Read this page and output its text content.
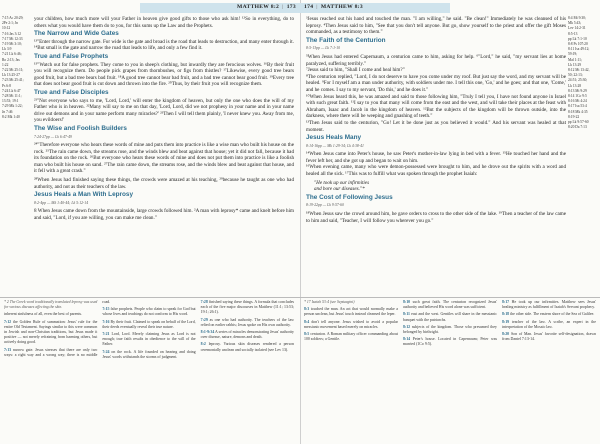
MATTHEW 8:2 | 173
7:15 Ac 20:29;
2Pe 2:1; Jn
10:12
7:16 Jas 3:12
7:17 Mt 12:33
7:19 Mt 3:10;
Lk 3:9
7:21 Lk 6:46;
Ro 2:13; Jas
1:22
7:22 Mt 25:11;
Lk 13:25-27
7:23 Mt 25:41;
Ps 6:8
7:24 Lk 6:47
7:28 Mt 11:1;
13:53; 19:1
7:29 Mk 1:22;
Jn 7:46
8:2 Mk 1:40

your children, how much more will your Father in heaven give good gifts to those who ask him! ¹²So in everything, do to others what you would have them do to you, for this sums up the Law and the Prophets.

The Narrow and Wide Gates

¹³"Enter through the narrow gate. For wide is the gate and broad is the road that leads to destruction, and many enter through it. ¹⁴But small is the gate and narrow the road that leads to life, and only a few find it.

True and False Prophets

¹⁵"Watch out for false prophets. They come to you in sheep's clothing, but inwardly they are ferocious wolves. ¹⁶By their fruit you will recognize them. Do people pick grapes from thornbushes, or figs from thistles? ¹⁷Likewise, every good tree bears good fruit, but a bad tree bears bad fruit. ¹⁸A good tree cannot bear bad fruit, and a bad tree cannot bear good fruit. ¹⁹Every tree that does not bear good fruit is cut down and thrown into the fire. ²⁰Thus, by their fruit you will recognize them.

True and False Disciples

²¹"Not everyone who says to me, 'Lord, Lord,' will enter the kingdom of heaven, but only the one who does the will of my Father who is in heaven. ²²Many will say to me on that day, 'Lord, Lord, did we not prophesy in your name and in your name drive out demons and in your name perform many miracles?' ²³Then I will tell them plainly, 'I never knew you. Away from me, you evildoers!'

The Wise and Foolish Builders
7:24-27pp — Lk 6:47-49

²⁴"Therefore everyone who hears these words of mine and puts them into practice is like a wise man who built his house on the rock. ²⁵The rain came down, the streams rose, and the winds blew and beat against that house; yet it did not fall, because it had its foundation on the rock. ²⁶But everyone who hears these words of mine and does not put them into practice is like a foolish man who built his house on sand. ²⁷The rain came down, the streams rose, and the winds blew and beat against that house, and it fell with a great crash."

²⁸When Jesus had finished saying these things, the crowds were amazed at his teaching, ²⁹because he taught as one who had authority, and not as their teachers of the law.

Jesus Heals a Man With Leprosy
8:2-4pp — Mk 1:40-44; Lk 5:12-14

8 When Jesus came down from the mountainside, large crowds followed him. ²A man with leprosy* came and knelt before him and said, "Lord, if you are willing, you can make me clean."

* 2 The Greek word traditionally translated leprosy was used for various diseases affecting the skin.
inherent sinfulness of all, even the best of parents.
7:12 the Golden Rule of summation: Jesus' rule for the entire Old Testament. Sayings similar to this were common in Jewish and non-Christian traditions, but Jesus made it positive — not merely refraining from harming others, but actively doing good.
7:13 narrow gate. Jesus stresses that there are only two ways: a right way and a wrong way; there is no middle road.
7:15 false prophets. People who claim to speak for God but whose lives and teachings do not conform to His word.
7:16 By their fruit. Claimed to speak on behalf of the Lord, their deeds eventually reveal their true nature.
7:21 Lord, Lord. Merely claiming Jesus as Lord is not enough; true faith results in obedience to the will of the Father.
7:24 on the rock. A life founded on hearing and doing Jesus' words withstands the storms of judgment.
7:28 finished saying these things. A formula that concludes each of the five major discourses in Matthew (11:1; 13:53; 19:1; 26:1).
7:29 as one who had authority. The teachers of the law relied on earlier rabbis; Jesus spoke on His own authority.
8:1-9:34 A series of miracles demonstrating Jesus' authority over disease, nature, demons and death.
8:2 leprosy. Various skin diseases rendered a person ceremonially unclean and socially isolated (see Lev 13).
174 | MATTHEW 8:3
8:4 Mt 9:30;
Mk 5:43;
Lev 14:2-31
8:5-13
pp Lk 7:1-10
8:8 Ps 107:20
8:11 Isa 49:12;
59:19;
Mal 1:11;
Lk 13:29
8:12 Mt 13:42,
50; 22:13;
24:51; 25:30;
Lk 13:28
8:13 Mt 9:29
8:14 1Co 9:5
8:16 Mt 4:24
8:17 Isa 53:4
8:18 Mk 4:35
8:19-22
pp Lk 9:57-60
8:20 Da 7:13

³Jesus reached out his hand and touched the man. "I am willing," he said. "Be clean!" Immediately he was cleansed of his leprosy. ⁴Then Jesus said to him, "See that you don't tell anyone. But go, show yourself to the priest and offer the gift Moses commanded, as a testimony to them."

The Faith of the Centurion
8:5-13pp — Lk 7:1-10

⁵When Jesus had entered Capernaum, a centurion came to him, asking for help. ⁶"Lord," he said, "my servant lies at home paralyzed, suffering terribly."
⁷Jesus said to him, "Shall I come and heal him?"
⁸The centurion replied, "Lord, I do not deserve to have you come under my roof. But just say the word, and my servant will be healed. ⁹For I myself am a man under authority, with soldiers under me. I tell this one, 'Go,' and he goes; and that one, 'Come,' and he comes. I say to my servant, 'Do this,' and he does it."
¹⁰When Jesus heard this, he was amazed and said to those following him, "Truly I tell you, I have not found anyone in Israel with such great faith. ¹¹I say to you that many will come from the east and the west, and will take their places at the feast with Abraham, Isaac and Jacob in the kingdom of heaven. ¹²But the subjects of the kingdom will be thrown outside, into the darkness, where there will be weeping and gnashing of teeth."
¹³Then Jesus said to the centurion, "Go! Let it be done just as you believed it would." And his servant was healed at that moment.

Jesus Heals Many
8:14-16pp — Mk 1:29-34; Lk 4:38-41

¹⁴When Jesus came into Peter's house, he saw Peter's mother-in-law lying in bed with a fever. ¹⁵He touched her hand and the fever left her, and she got up and began to wait on him.
¹⁶When evening came, many who were demon-possessed were brought to him, and he drove out the spirits with a word and healed all the sick. ¹⁷This was to fulfill what was spoken through the prophet Isaiah:

"He took up our infirmities
and bore our diseases."*
The Cost of Following Jesus
8:19-22pp — Lk 9:57-60

¹⁸When Jesus saw the crowd around him, he gave orders to cross to the other side of the lake. ¹⁹Then a teacher of the law came to him and said, "Teacher, I will follow you wherever you go."

* 17 Isaiah 53:4 (see Septuagint)
8:3 touched the man. An act that would normally make a person unclean, but Jesus' touch instead cleansed the leper.
8:4 don't tell anyone. Jesus wished to avoid a popular messianic movement based merely on miracles.
8:5 centurion. A Roman military officer commanding about 100 soldiers; a Gentile.
8:10 such great faith. The centurion recognized Jesus' authority and believed His word alone was sufficient.
8:11 east and the west. Gentiles will share in the messianic banquet with the patriarchs.
8:12 subjects of the kingdom. Those who presumed they belonged by birthright.
8:14 Peter's house. Located in Capernaum; Peter was married (1Co 9:5).
8:17 He took up our infirmities. Matthew sees Jesus' healing ministry as fulfillment of Isaiah's Servant prophecy.
8:18 the other side. The eastern shore of the Sea of Galilee.
8:19 teacher of the law. A scribe, an expert in the interpretation of the Mosaic law.
8:20 Son of Man. Jesus' favorite self-designation, drawn from Daniel 7:13-14.
